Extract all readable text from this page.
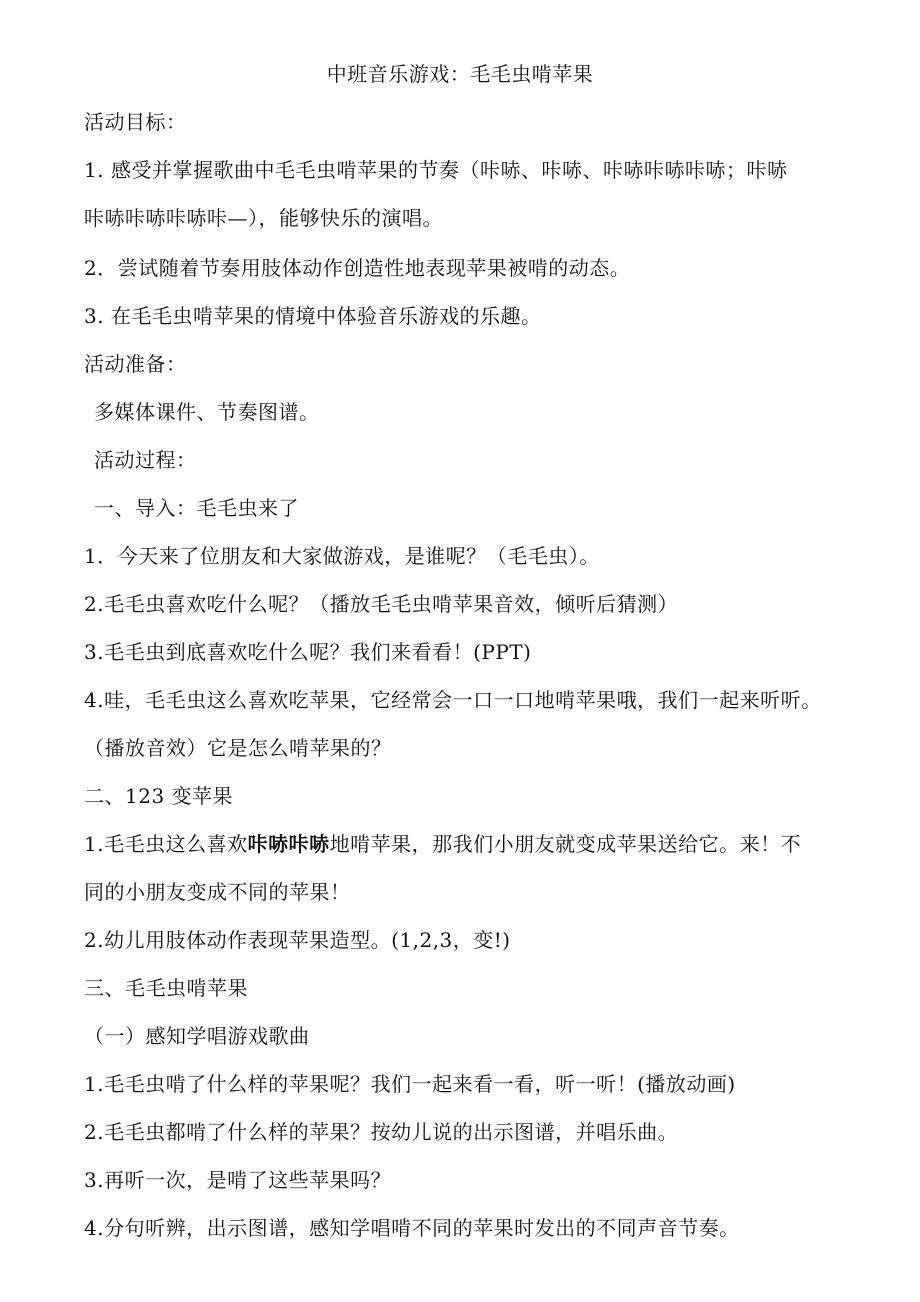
中班音乐游戏：毛毛虫啃苹果
活动目标：
1. 感受并掌握歌曲中毛毛虫啃苹果的节奏（咔哧、咔哧、咔哧咔哧咔哧；咔哧
咔哧咔哧咔哧咔—），能够快乐的演唱。
2．尝试随着节奏用肢体动作创造性地表现苹果被啃的动态。
3. 在毛毛虫啃苹果的情境中体验音乐游戏的乐趣。
活动准备：
多媒体课件、节奏图谱。
活动过程：
一、导入：毛毛虫来了
1．今天来了位朋友和大家做游戏，是谁呢？（毛毛虫）。
2.毛毛虫喜欢吃什么呢？（播放毛毛虫啃苹果音效，倾听后猜测）
3.毛毛虫到底喜欢吃什么呢？我们来看看！(PPT)
4.哇，毛毛虫这么喜欢吃苹果，它经常会一口一口地啃苹果哦，我们一起来听听。
（播放音效）它是怎么啃苹果的？
二、123 变苹果
1.毛毛虫这么喜欢咔哧咔哧地啃苹果，那我们小朋友就变成苹果送给它。来！不
同的小朋友变成不同的苹果！
2.幼儿用肢体动作表现苹果造型。(1,2,3，变!)
三、毛毛虫啃苹果
（一）感知学唱游戏歌曲
1.毛毛虫啃了什么样的苹果呢？我们一起来看一看，听一听！(播放动画)
2.毛毛虫都啃了什么样的苹果？按幼儿说的出示图谱，并唱乐曲。
3.再听一次，是啃了这些苹果吗？
4.分句听辨，出示图谱，感知学唱啃不同的苹果时发出的不同声音节奏。
